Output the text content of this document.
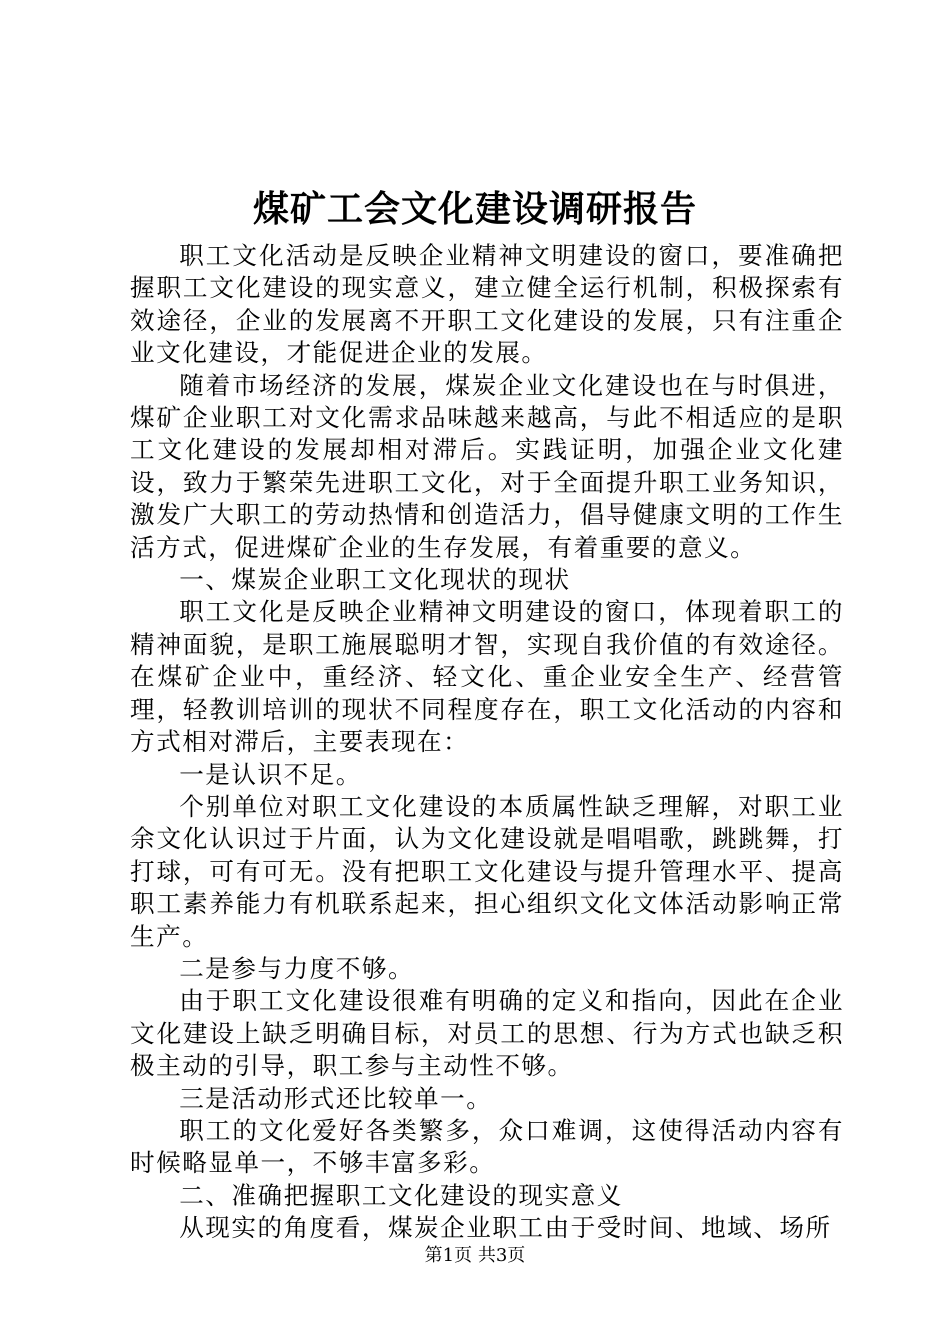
煤矿工会文化建设调研报告

职工文化活动是反映企业精神文明建设的窗口，要准确把握职工文化建设的现实意义，建立健全运行机制，积极探索有效途径，企业的发展离不开职工文化建设的发展，只有注重企业文化建设，才能促进企业的发展。

随着市场经济的发展，煤炭企业文化建设也在与时俱进，煤矿企业职工对文化需求品味越来越高，与此不相适应的是职工文化建设的发展却相对滞后。实践证明，加强企业文化建设，致力于繁荣先进职工文化，对于全面提升职工业务知识，激发广大职工的劳动热情和创造活力，倡导健康文明的工作生活方式，促进煤矿企业的生存发展，有着重要的意义。

一、煤炭企业职工文化现状的现状

职工文化是反映企业精神文明建设的窗口，体现着职工的精神面貌，是职工施展聪明才智，实现自我价值的有效途径。在煤矿企业中，重经济、轻文化、重企业安全生产、经营管理，轻教训培训的现状不同程度存在，职工文化活动的内容和方式相对滞后，主要表现在：

一是认识不足。

个别单位对职工文化建设的本质属性缺乏理解，对职工业余文化认识过于片面，认为文化建设就是唱唱歌，跳跳舞，打打球，可有可无。没有把职工文化建设与提升管理水平、提高职工素养能力有机联系起来，担心组织文化文体活动影响正常生产。

二是参与力度不够。

由于职工文化建设很难有明确的定义和指向，因此在企业文化建设上缺乏明确目标，对员工的思想、行为方式也缺乏积极主动的引导，职工参与主动性不够。

三是活动形式还比较单一。

职工的文化爱好各类繁多，众口难调，这使得活动内容有时候略显单一，不够丰富多彩。

二、准确把握职工文化建设的现实意义

从现实的角度看，煤炭企业职工由于受时间、地域、场所

第1页 共3页
